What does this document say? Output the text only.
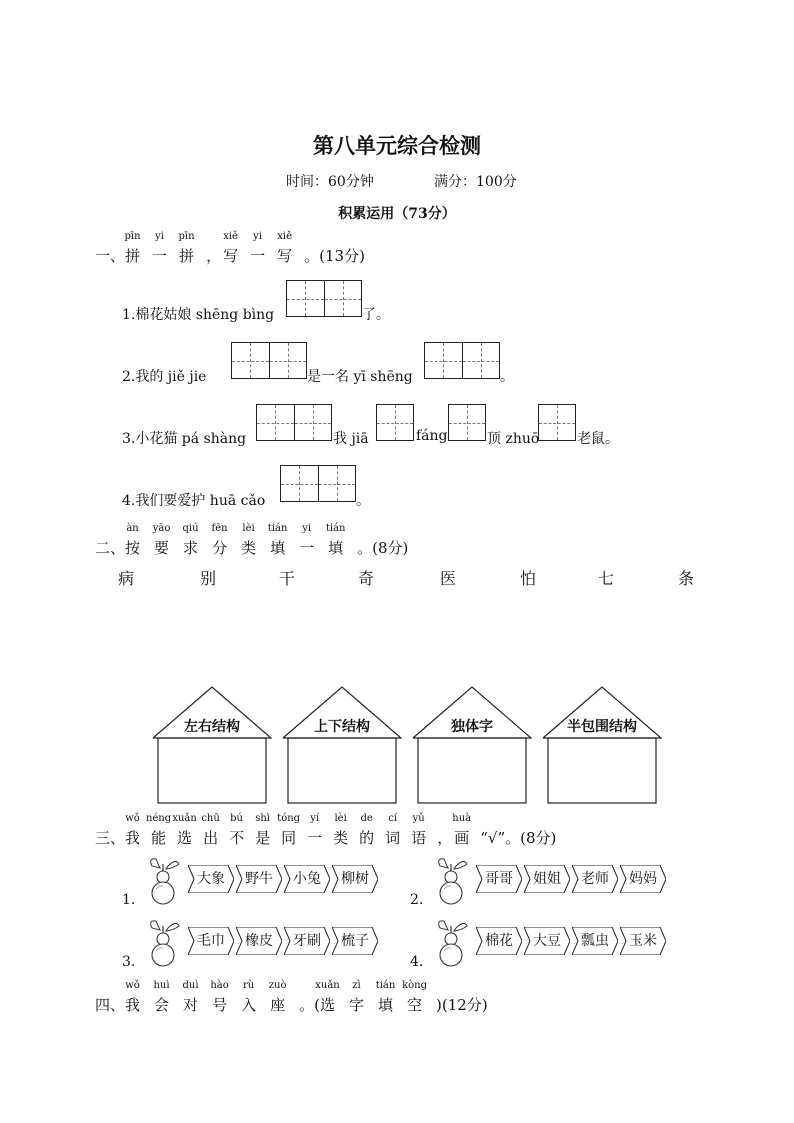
第八单元综合检测
时间：60分钟	满分：100分
积累运用（73分）
一、
pīn
拼
yi
一
pīn
拼 ，
xiě
写
yi
一
xiě
写 。(13分)
1.棉花姑娘 shēng bìng	了。
2.我的 jiě jie	是一名 yī shēng	。
3.小花猫 pá shàng	我 jiā	fáng	顶 zhuō	老鼠。
4.我们要爱护 huā cǎo	。
二、
àn
按
yāo
要
qiú
求
fēn
分
lèi
类
tián
填
yi
一
tián
填 。(8分)
病	别	干	奇	医	怕	七	条
左右结构	上下结构	独体字	半包围结构
三、
wǒ
我
néng
能
xuǎn
选
chū
出
bú
不
shì
是
tóng
同
yí
一
lèi
类
de
的
cí
词
yǔ
语 ，
huà
画 “√”。(8分)
1.
大象	野牛	小兔	柳树
2.
哥哥	姐姐	老师	妈妈
3.
毛巾	橡皮	牙刷	梳子
4.
棉花	大豆	瓢虫	玉米
四、
wǒ
我
huì
会
duì
对
hào
号
rù
入
zuò
座 。(
xuǎn
选
zì
字
tián
填
kòng
空 )(12分)
